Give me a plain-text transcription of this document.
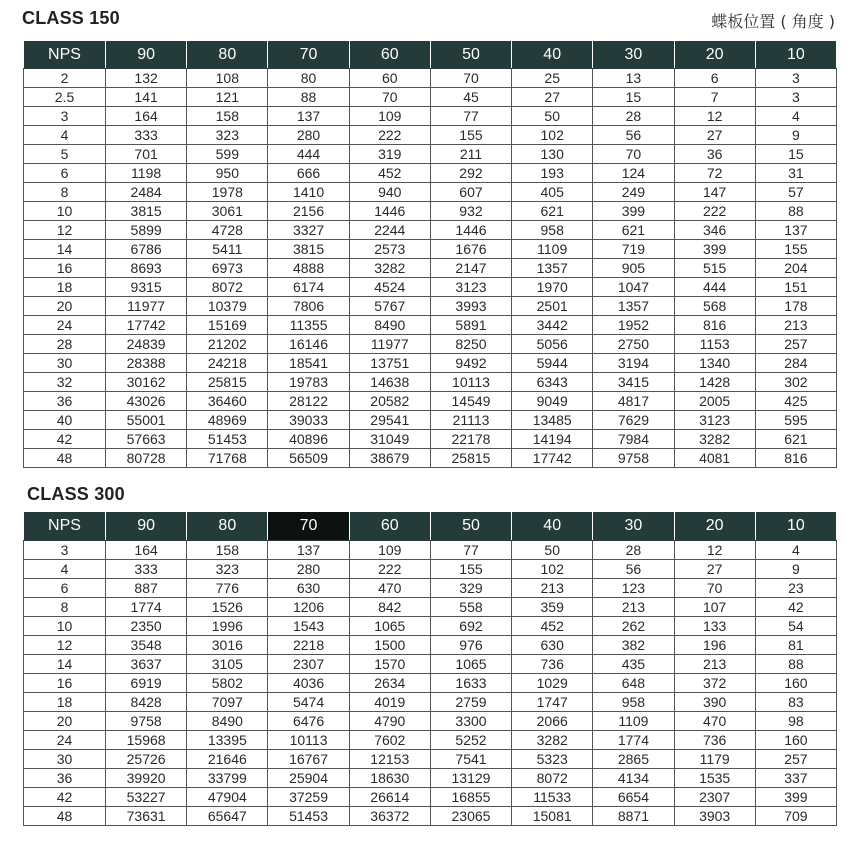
CLASS 150	蝶板位置 ( 角度 )
NPS	90	80	70	60	50	40	30	20	10
2	132	108	80	60	70	25	13	6	3
2.5	141	121	88	70	45	27	15	7	3
3	164	158	137	109	77	50	28	12	4
4	333	323	280	222	155	102	56	27	9
5	701	599	444	319	211	130	70	36	15
6	1198	950	666	452	292	193	124	72	31
8	2484	1978	1410	940	607	405	249	147	57
10	3815	3061	2156	1446	932	621	399	222	88
12	5899	4728	3327	2244	1446	958	621	346	137
14	6786	5411	3815	2573	1676	1109	719	399	155
16	8693	6973	4888	3282	2147	1357	905	515	204
18	9315	8072	6174	4524	3123	1970	1047	444	151
20	11977	10379	7806	5767	3993	2501	1357	568	178
24	17742	15169	11355	8490	5891	3442	1952	816	213
28	24839	21202	16146	11977	8250	5056	2750	1153	257
30	28388	24218	18541	13751	9492	5944	3194	1340	284
32	30162	25815	19783	14638	10113	6343	3415	1428	302
36	43026	36460	28122	20582	14549	9049	4817	2005	425
40	55001	48969	39033	29541	21113	13485	7629	3123	595
42	57663	51453	40896	31049	22178	14194	7984	3282	621
48	80728	71768	56509	38679	25815	17742	9758	4081	816
CLASS 300
NPS	90	80	70	60	50	40	30	20	10
3	164	158	137	109	77	50	28	12	4
4	333	323	280	222	155	102	56	27	9
6	887	776	630	470	329	213	123	70	23
8	1774	1526	1206	842	558	359	213	107	42
10	2350	1996	1543	1065	692	452	262	133	54
12	3548	3016	2218	1500	976	630	382	196	81
14	3637	3105	2307	1570	1065	736	435	213	88
16	6919	5802	4036	2634	1633	1029	648	372	160
18	8428	7097	5474	4019	2759	1747	958	390	83
20	9758	8490	6476	4790	3300	2066	1109	470	98
24	15968	13395	10113	7602	5252	3282	1774	736	160
30	25726	21646	16767	12153	7541	5323	2865	1179	257
36	39920	33799	25904	18630	13129	8072	4134	1535	337
42	53227	47904	37259	26614	16855	11533	6654	2307	399
48	73631	65647	51453	36372	23065	15081	8871	3903	709
